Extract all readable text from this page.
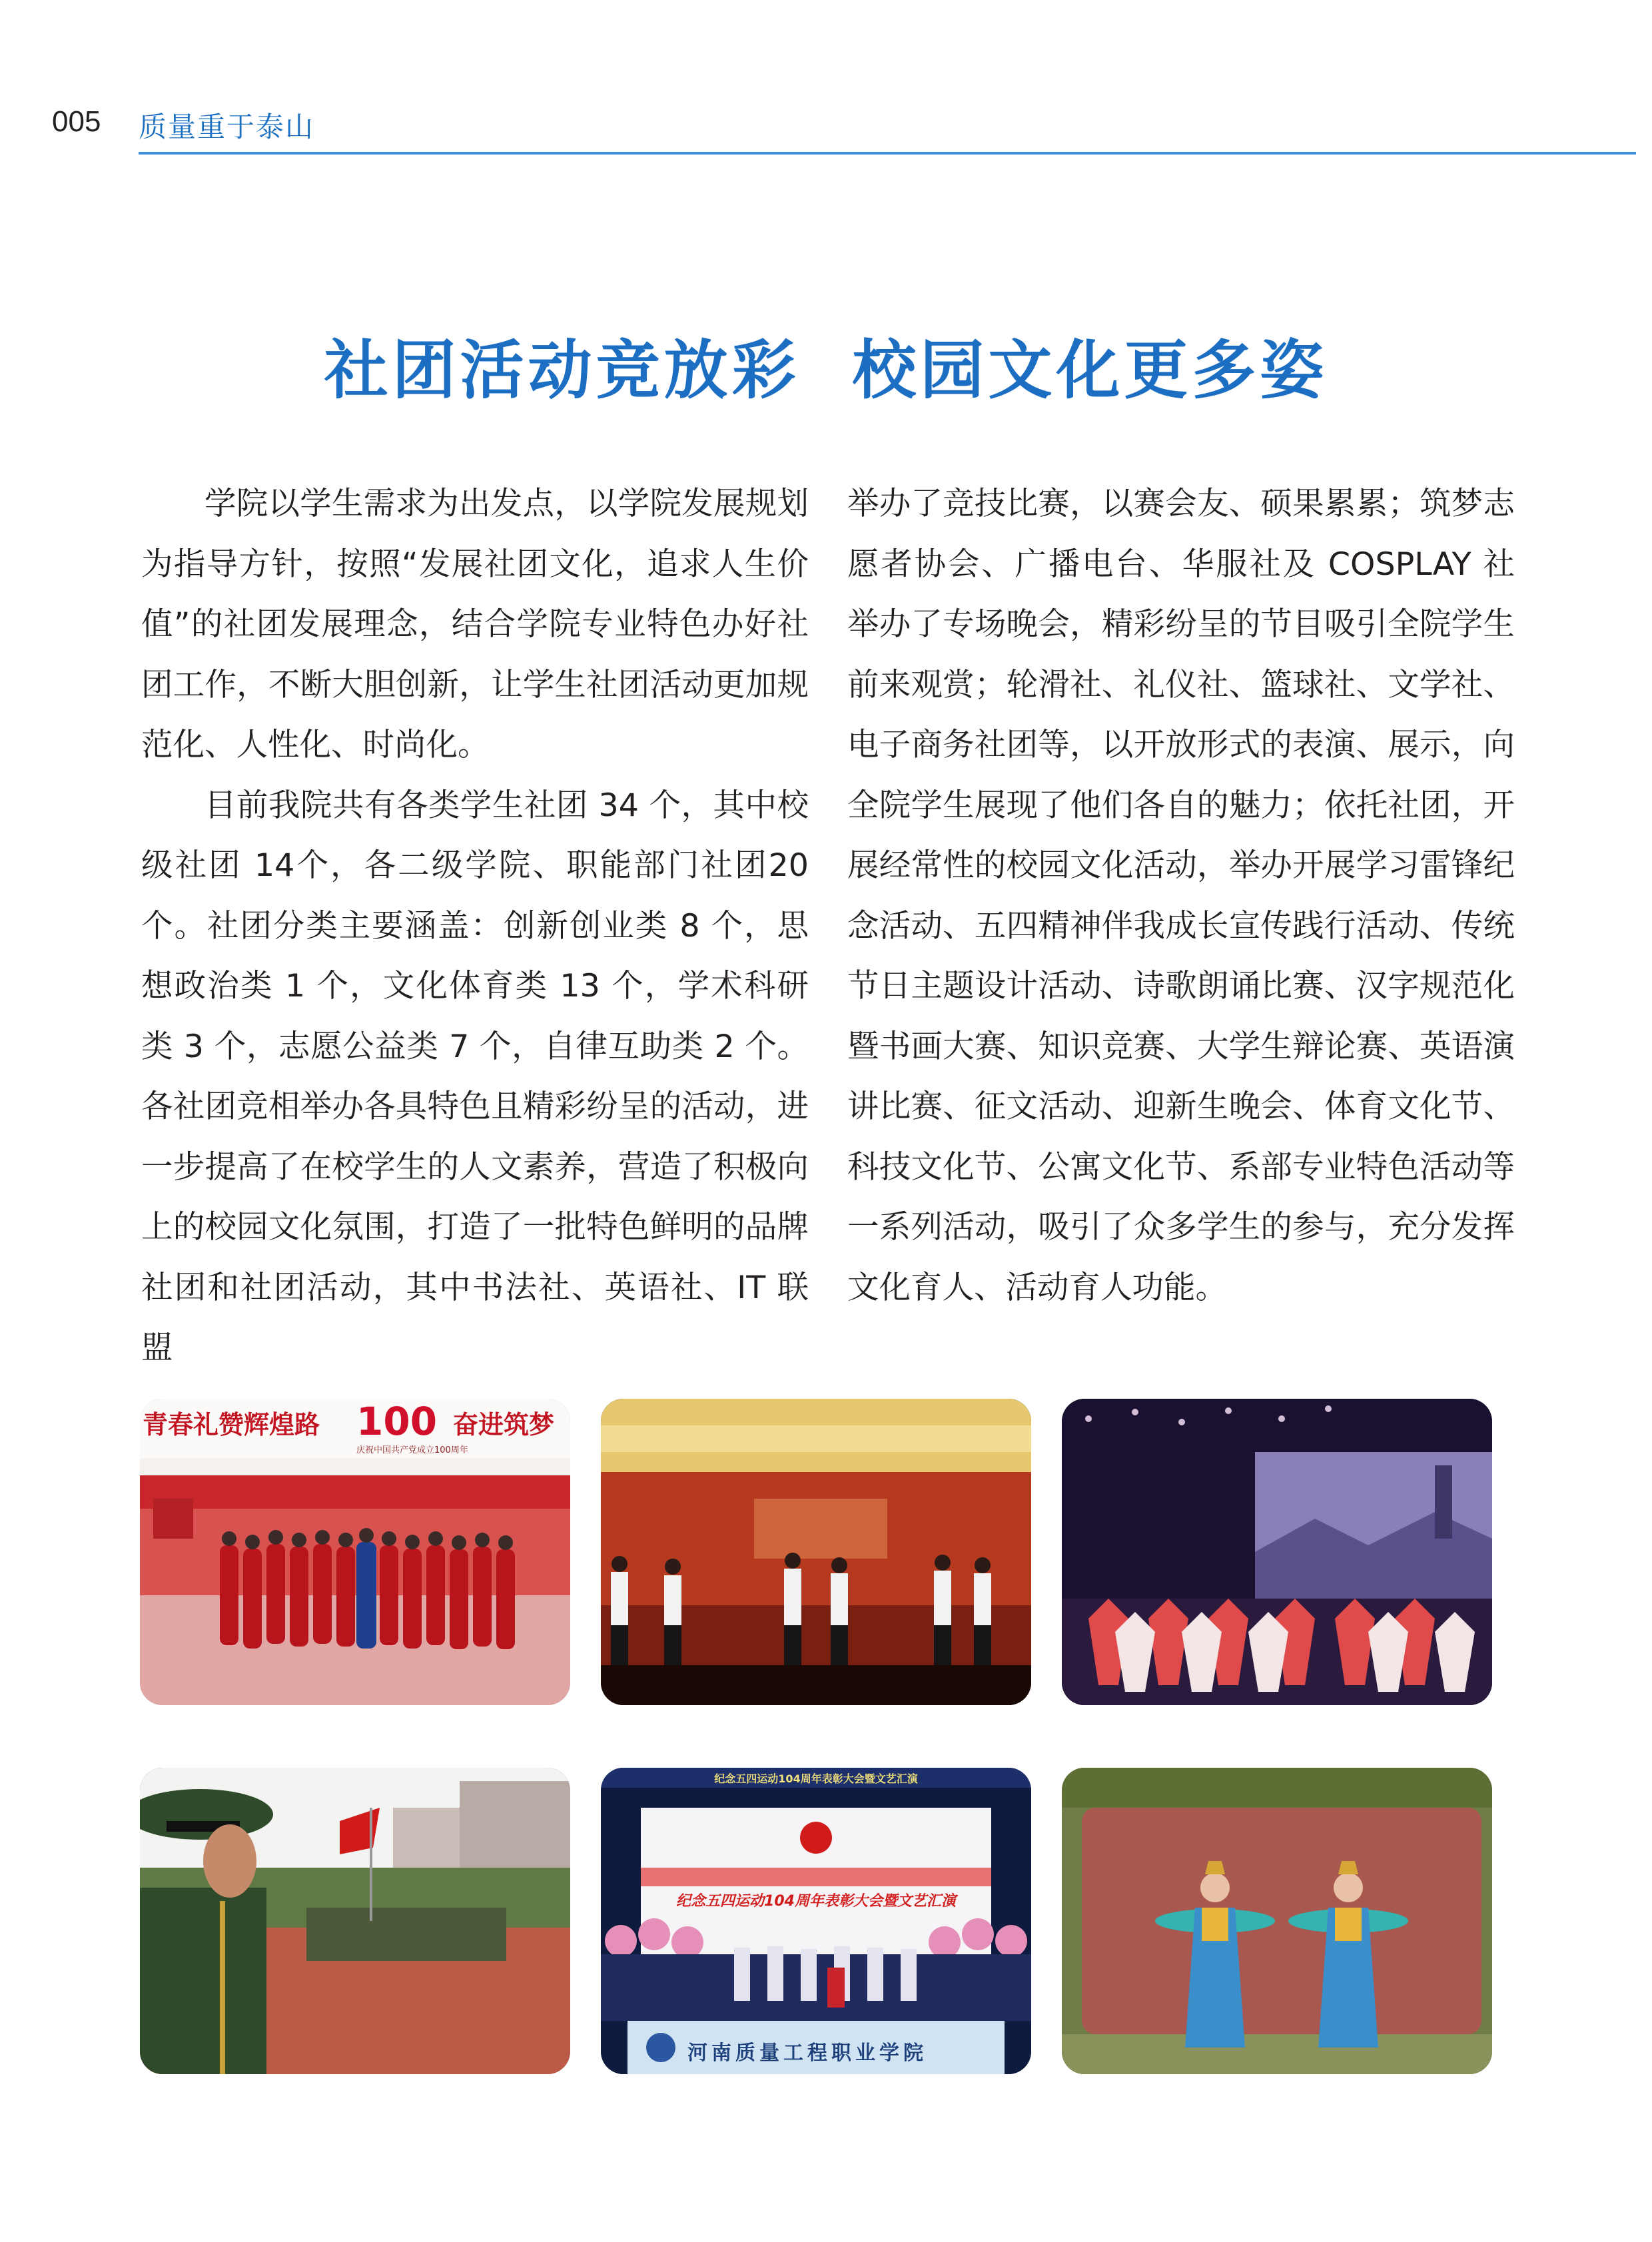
005 质量重于泰山
社团活动竞放彩  校园文化更多姿

学院以学生需求为出发点，以学院发展规划为指导方针，按照“发展社团文化，追求人生价值”的社团发展理念，结合学院专业特色办好社团工作，不断大胆创新，让学生社团活动更加规范化、人性化、时尚化。

目前我院共有各类学生社团 34 个，其中校级社团 14个，各二级学院、职能部门社团20个。社团分类主要涵盖：创新创业类 8 个，思想政治类 1 个，文化体育类 13 个，学术科研类 3 个，志愿公益类 7 个，自律互助类 2 个。各社团竞相举办各具特色且精彩纷呈的活动，进一步提高了在校学生的人文素养，营造了积极向上的校园文化氛围，打造了一批特色鲜明的品牌社团和社团活动，其中书法社、英语社、IT 联盟

举办了竞技比赛，以赛会友、硕果累累；筑梦志愿者协会、广播电台、华服社及 COSPLAY 社举办了专场晚会，精彩纷呈的节目吸引全院学生前来观赏；轮滑社、礼仪社、篮球社、文学社、电子商务社团等，以开放形式的表演、展示，向全院学生展现了他们各自的魅力；依托社团，开展经常性的校园文化活动，举办开展学习雷锋纪念活动、五四精神伴我成长宣传践行活动、传统节日主题设计活动、诗歌朗诵比赛、汉字规范化暨书画大赛、知识竞赛、大学生辩论赛、英语演讲比赛、征文活动、迎新生晚会、体育文化节、科技文化节、公寓文化节、系部专业特色活动等一系列活动，吸引了众多学生的参与，充分发挥文化育人、活动育人功能。

青春礼赞辉煌路 100 奋进筑梦
庆祝中国共产党成立100周年
纪念五四运动104周年表彰大会暨文艺汇演
纪念五四运动104周年表彰大会暨文艺汇演
河南质量工程职业学院
